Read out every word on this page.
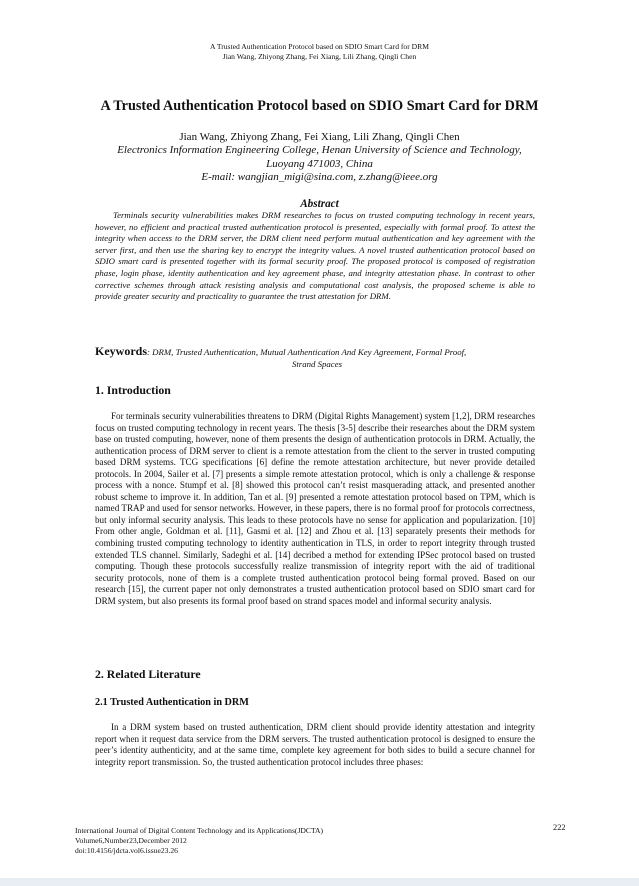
A Trusted Authentication Protocol based on SDIO Smart Card for DRM
Jian Wang, Zhiyong Zhang, Fei Xiang, Lili Zhang, Qingli Chen
A Trusted Authentication Protocol based on SDIO Smart Card for DRM
Jian Wang, Zhiyong Zhang, Fei Xiang, Lili Zhang, Qingli Chen
Electronics Information Engineering College, Henan University of Science and Technology,
Luoyang 471003, China
E-mail: wangjian_migi@sina.com, z.zhang@ieee.org
Abstract

Terminals security vulnerabilities makes DRM researches to focus on trusted computing technology in recent years, however, no efficient and practical trusted authentication protocol is presented, especially with formal proof. To attest the integrity when access to the DRM server, the DRM client need perform mutual authentication and key agreement with the server first, and then use the sharing key to encrypt the integrity values. A novel trusted authentication protocol based on SDIO smart card is presented together with its formal security proof. The proposed protocol is composed of registration phase, login phase, identity authentication and key agreement phase, and integrity attestation phase. In contrast to other corrective schemes through attack resisting analysis and computational cost analysis, the proposed scheme is able to provide greater security and practicality to guarantee the trust attestation for DRM.

Keywords: DRM, Trusted Authentication, Mutual Authentication And Key Agreement, Formal Proof,
Strand Spaces

1. Introduction

For terminals security vulnerabilities threatens to DRM (Digital Rights Management) system [1,2], DRM researches focus on trusted computing technology in recent years. The thesis [3-5] describe their researches about the DRM system base on trusted computing, however, none of them presents the design of authentication protocols in DRM. Actually, the authentication process of DRM server to client is a remote attestation from the client to the server in trusted computing based DRM systems. TCG specifications [6] define the remote attestation architecture, but never provide detailed protocols. In 2004, Sailer et al. [7] presents a simple remote attestation protocol, which is only a challenge & response process with a nonce. Stumpf et al. [8] showed this protocol can’t resist masquerading attack, and presented another robust scheme to improve it. In addition, Tan et al. [9] presented a remote attestation protocol based on TPM, which is named TRAP and used for sensor networks. However, in these papers, there is no formal proof for protocols correctness, but only informal security analysis. This leads to these protocols have no sense for application and popularization. [10] From other angle, Goldman et al. [11], Gasmi et al. [12] and Zhou et al. [13] separately presents their methods for combining trusted computing technology to identity authentication in TLS, in order to report integrity through trusted extended TLS channel. Similarly, Sadeghi et al. [14] decribed a method for extending IPSec protocol based on trusted computing. Though these protocols successfully realize transmission of integrity report with the aid of traditional security protocols, none of them is a complete trusted authentication protocol being formal proved. Based on our research [15], the current paper not only demonstrates a trusted authentication protocol based on SDIO smart card for DRM system, but also presents its formal proof based on strand spaces model and informal security analysis.

2. Related Literature
2.1 Trusted Authentication in DRM

In a DRM system based on trusted authentication, DRM client should provide identity attestation and integrity report when it request data service from the DRM servers. The trusted authentication protocol is designed to ensure the peer’s identity authenticity, and at the same time, complete key agreement for both sides to build a secure channel for integrity report transmission. So, the trusted authentication protocol includes three phases:

International Journal of Digital Content Technology and its Applications(JDCTA)
Volume6,Number23,December 2012
doi:10.4156/jdcta.vol6.issue23.26
222
